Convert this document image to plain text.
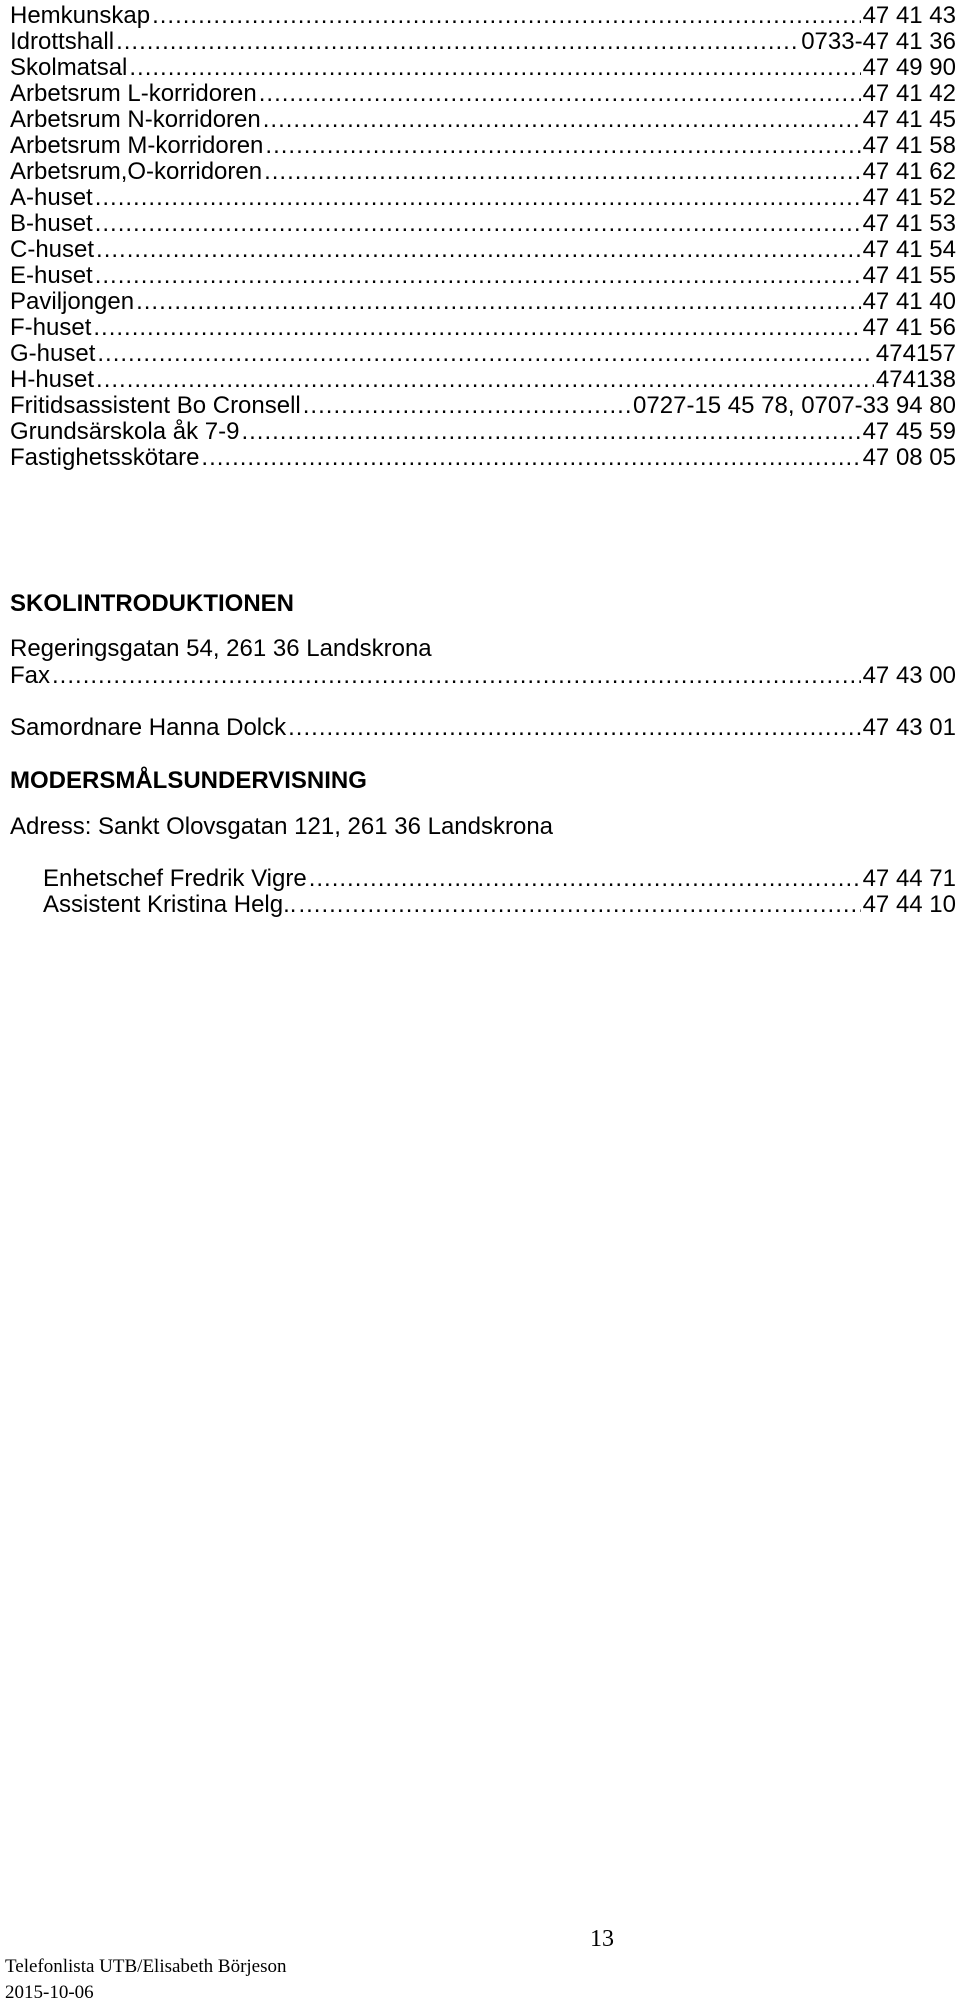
Hemkunskap .....	47 41 43
Idrottshall .....	0733-47 41 36
Skolmatsal .....	47 49 90
Arbetsrum L-korridoren .....	47 41 42
Arbetsrum N-korridoren .....	47 41 45
Arbetsrum M-korridoren .....	47 41 58
Arbetsrum,O-korridoren .....	47 41 62
A-huset .....	47 41 52
B-huset .....	47 41 53
C-huset .....	47 41 54
E-huset .....	47 41 55
Paviljongen .....	47 41 40
F-huset .....	47 41 56
G-huset .....	474157
H-huset .....	474138
Fritidsassistent Bo Cronsell .....	0727-15 45 78, 0707-33 94 80
Grundsärskola åk 7-9 .....	47 45 59
Fastighetsskötare .....	47 08 05
SKOLINTRODUKTIONEN
Regeringsgatan 54, 261 36 Landskrona
Fax .....	47 43 00
Samordnare Hanna Dolck .....	47 43 01
MODERSMÅLSUNDERVISNING
Adress: Sankt Olovsgatan 121, 261 36 Landskrona
Enhetschef Fredrik Vigre .....	47 44 71
Assistent Kristina Helg.. .....	47 44 10
13
Telefonlista UTB/Elisabeth Börjeson
2015-10-06
